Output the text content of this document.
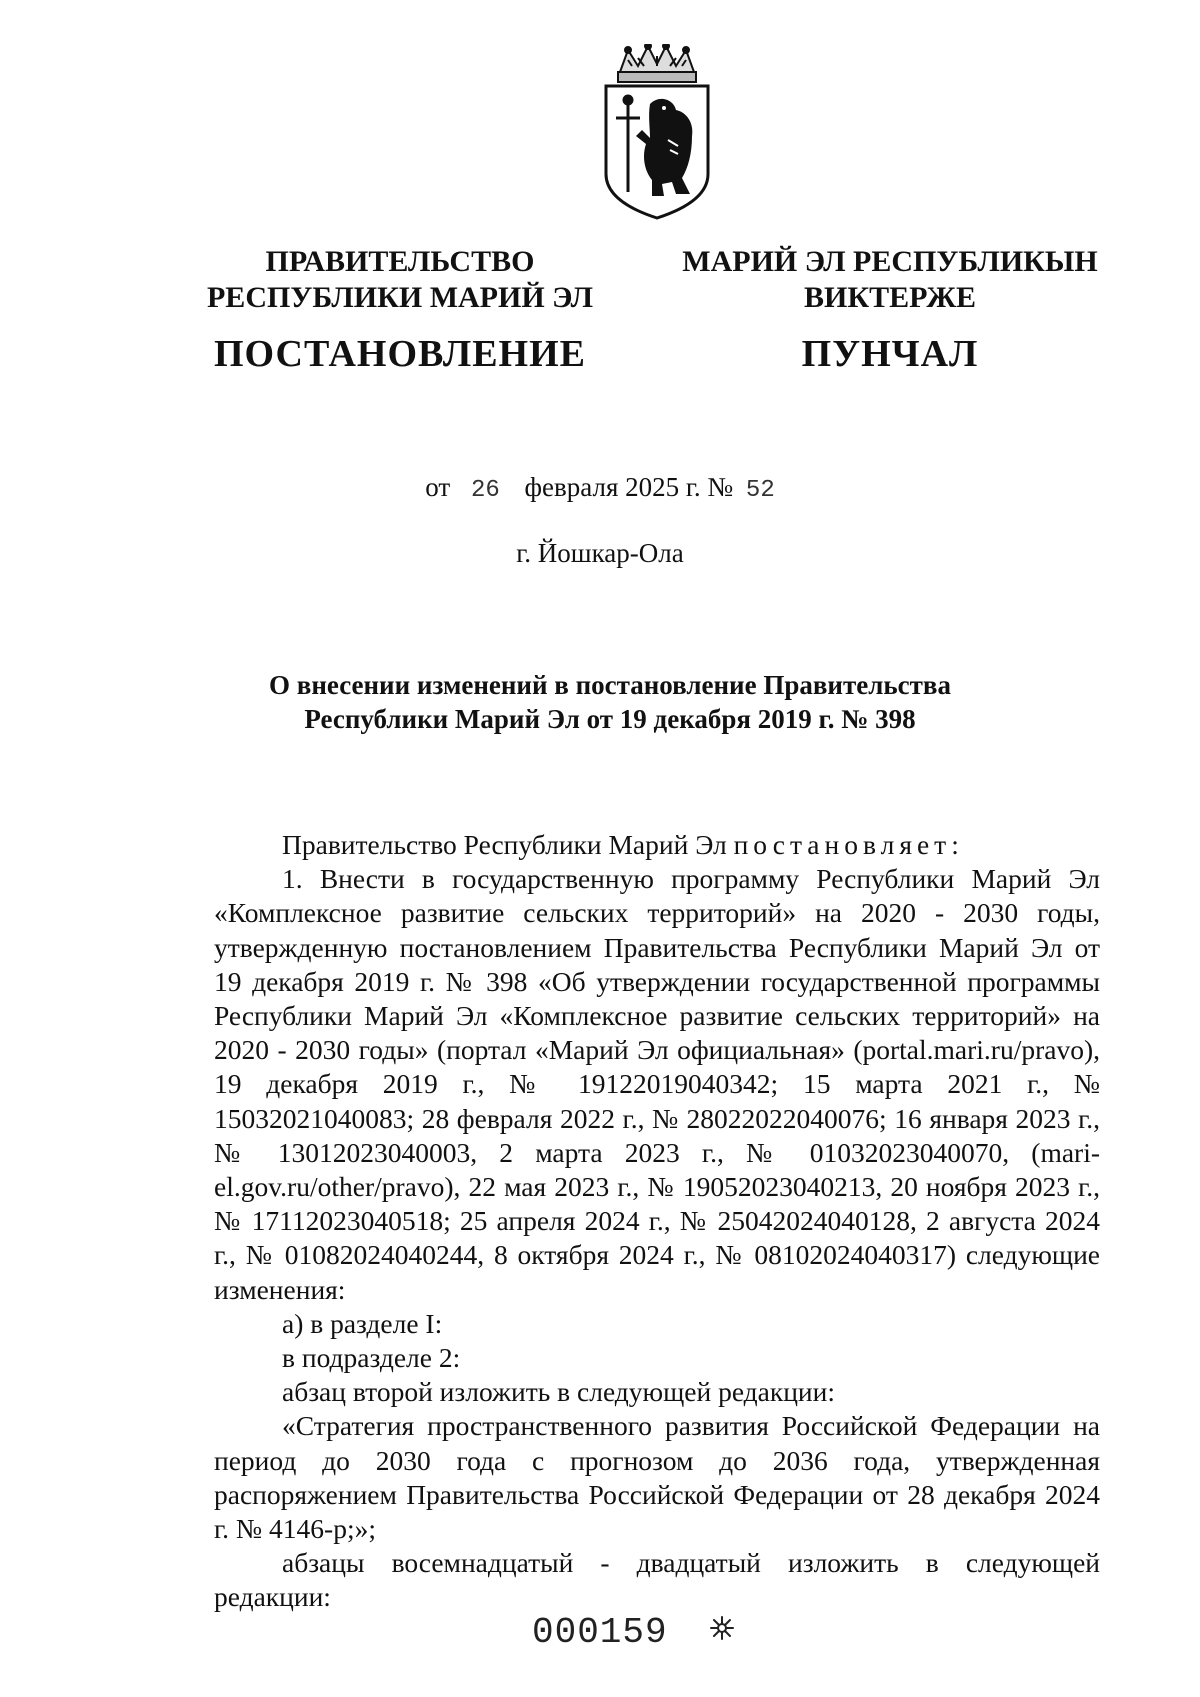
ПРАВИТЕЛЬСТВО
РЕСПУБЛИКИ МАРИЙ ЭЛ
МАРИЙ ЭЛ РЕСПУБЛИКЫН
ВИКТЕРЖЕ
ПОСТАНОВЛЕНИЕ	ПУНЧАЛ
от 26 февраля 2025 г. № 52
г. Йошкар-Ола
О внесении изменений в постановление Правительства
Республики Марий Эл от 19 декабря 2019 г. № 398

Правительство Республики Марий Эл постановляет:

1. Внести в государственную программу Республики Марий Эл «Комплексное развитие сельских территорий» на 2020 - 2030 годы, утвержденную постановлением Правительства Республики Марий Эл от 19 декабря 2019 г. № 398 «Об утверждении государственной программы Республики Марий Эл «Комплексное развитие сельских территорий» на 2020 - 2030 годы» (портал «Марий Эл официальная» (portal.mari.ru/pravo), 19 декабря 2019 г., № 19122019040342; 15 марта 2021 г., № 15032021040083; 28 февраля 2022 г., № 28022022040076; 16 января 2023 г., № 13012023040003, 2 марта 2023 г., № 01032023040070, (mari-el.gov.ru/other/pravo), 22 мая 2023 г., № 19052023040213, 20 ноября 2023 г., № 17112023040518; 25 апреля 2024 г., № 25042024040128, 2 августа 2024 г., № 01082024040244, 8 октября 2024 г., № 08102024040317) следующие изменения:

а) в разделе I:

в подразделе 2:

абзац второй изложить в следующей редакции:

«Стратегия пространственного развития Российской Федерации на период до 2030 года с прогнозом до 2036 года, утвержденная распоряжением Правительства Российской Федерации от 28 декабря 2024 г. № 4146-р;»;

абзацы восемнадцатый - двадцатый изложить в следующей редакции:

000159
